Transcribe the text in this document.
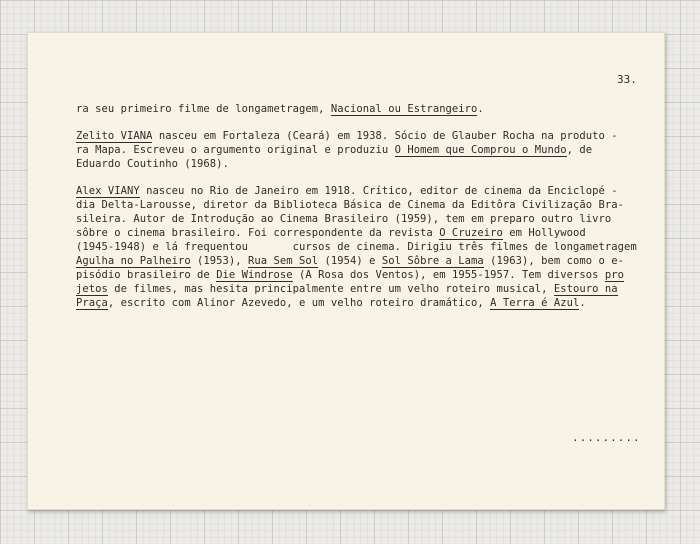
33.
ra seu primeiro filme de longametragem, Nacional ou Estrangeiro.
Zelito VIANA nasceu em Fortaleza (Ceará) em 1938. Sócio de Glauber Rocha na produto -
ra Mapa. Escreveu o argumento original e produziu O Homem que Comprou o Mundo, de
Eduardo Coutinho (1968).
Alex VIANY nasceu no Rio de Janeiro em 1918. Crítico, editor de cinema da Enciclopé -
dia Delta-Larousse, diretor da Biblioteca Básica de Cinema da Editôra Civilização Bra-
sileira. Autor de Introdução ao Cinema Brasileiro (1959), tem em preparo outro livro
sôbre o cinema brasileiro. Foi correspondente da revista O Cruzeiro em Hollywood
(1945-1948) e lá frequentou       cursos de cinema. Dirigiu três filmes de longametragem
Agulha no Palheiro (1953), Rua Sem Sol (1954) e Sol Sôbre a Lama (1963), bem como o e-
pisódio brasileiro de Die Windrose (A Rosa dos Ventos), em 1955-1957. Tem diversos pro
jetos de filmes, mas hesita principalmente entre um velho roteiro musical, Estouro na
Praça, escrito com Alinor Azevedo, e um velho roteiro dramático, A Terra é Azul.
.........
